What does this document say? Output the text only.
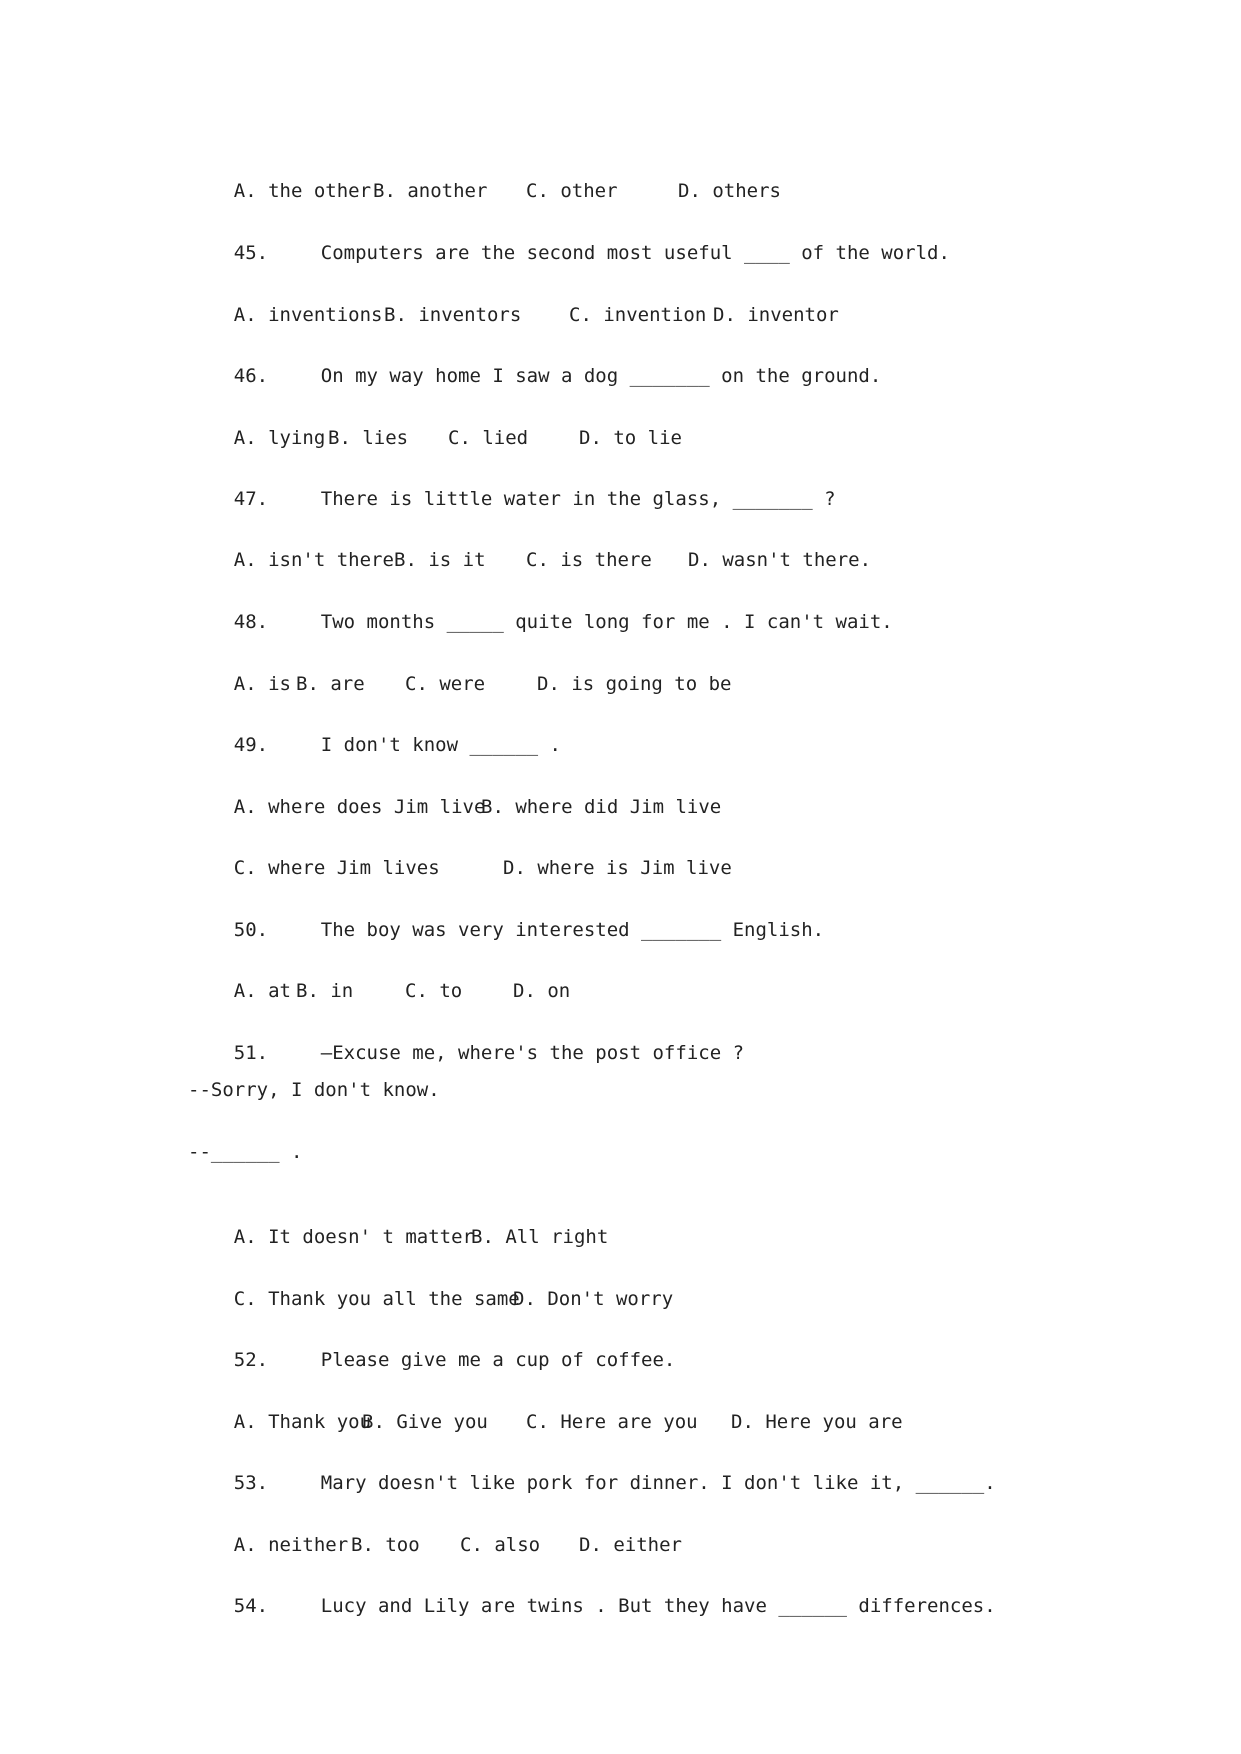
A. the other B. another C. other	D. others

45.	Computers are the second most useful ____ of the world.

A. inventions B. inventors	C. invention D. inventor

46.	On my way home I saw a dog _______ on the ground.

A. lying B. lies C. lied	D. to lie

47.	There is little water in the glass, _______ ?

A. isn't there B. is it C. is there D. wasn't there.

48.	Two months _____ quite long for me . I can't wait.

A. is B. are C. were	D. is going to be

49.	I don't know ______ .

A. where does Jim live
B. where did Jim live

C. where Jim lives	D. where is Jim live

50.	The boy was very interested _______ English.

A. at B. in	C. to	D. on

51.	–Excuse me, where's the post office ?

--Sorry, I don't know.
--______ .

A. It doesn' t matter
B. All right

C. Thank you all the same
D. Don't worry

52.	Please give me a cup of coffee.

A. Thank you
B. Give you C. Here are you D. Here you are

53.	Mary doesn't like pork for dinner. I don't like it, ______.

A. neither B. too C. also D. either

54.	Lucy and Lily are twins . But they have ______ differences.
